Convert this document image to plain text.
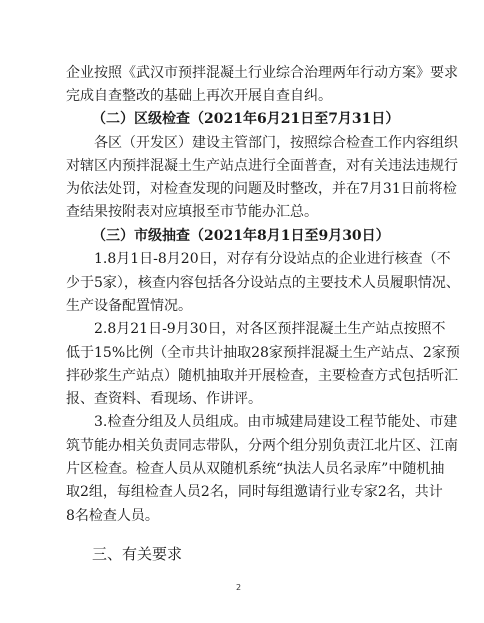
企业按照《武汉市预拌混凝土行业综合治理两年行动方案》要求
完成自查整改的基础上再次开展自查自纠。
（二）区级检查（2021年6月21日至7月31日）
各区（开发区）建设主管部门，按照综合检查工作内容组织
对辖区内预拌混凝土生产站点进行全面普查，对有关违法违规行
为依法处罚，对检查发现的问题及时整改，并在7月31日前将检
查结果按附表对应填报至市节能办汇总。
（三）市级抽查（2021年8月1日至9月30日）
1.8月1日-8月20日，对存有分设站点的企业进行核查（不
少于5家），核查内容包括各分设站点的主要技术人员履职情况、
生产设备配置情况。
2.8月21日-9月30日，对各区预拌混凝土生产站点按照不
低于15%比例（全市共计抽取28家预拌混凝土生产站点、2家预
拌砂浆生产站点）随机抽取并开展检查，主要检查方式包括听汇
报、查资料、看现场、作讲评。
3.检查分组及人员组成。由市城建局建设工程节能处、市建
筑节能办相关负责同志带队，分两个组分别负责江北片区、江南
片区检查。检查人员从双随机系统“执法人员名录库”中随机抽
取2组，每组检查人员2名，同时每组邀请行业专家2名，共计
8名检查人员。
2
三、有关要求
